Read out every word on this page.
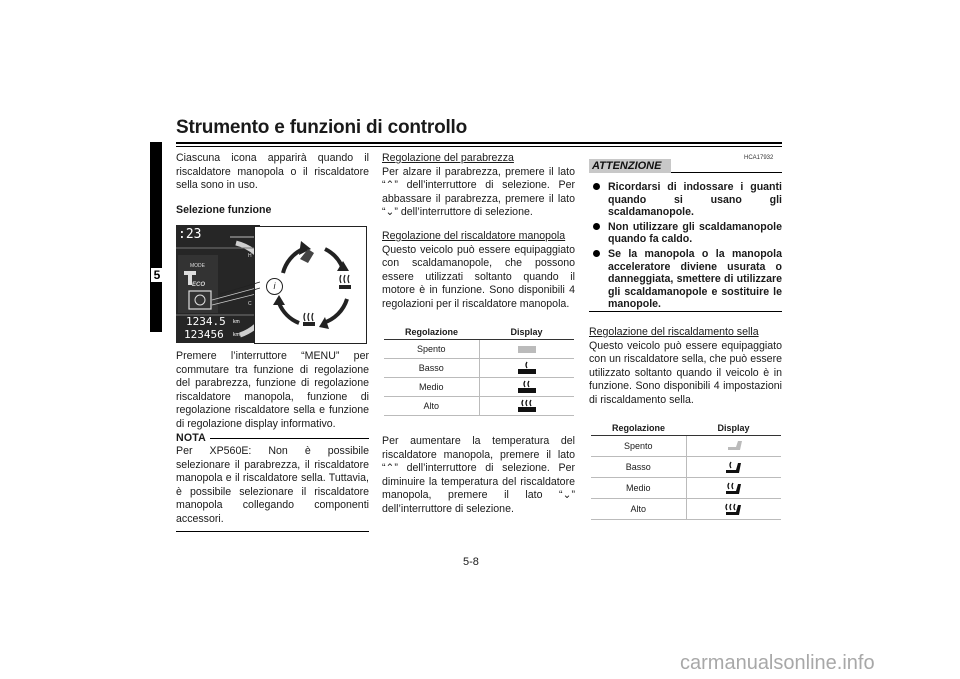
Strumento e funzioni di controllo
5

Ciascuna icona apparirà quando il riscaldatore manopola o il riscaldatore sella sono in uso.

Selezione funzione

:23
MODE
ECO
H
C
1234.5 km
123456 km
i

Premere l’interruttore “MENU” per commutare tra funzione di regolazione del parabrezza, funzione di regolazione riscaldatore manopola, funzione di regolazione riscaldatore sella e funzione di regolazione display informativo.

NOTA

Per XP560E: Non è possibile selezionare il parabrezza, il riscaldatore manopola e il riscaldatore sella. Tuttavia, è possibile selezionare il riscaldatore manopola collegando componenti accessori.

Regolazione del parabrezza

Per alzare il parabrezza, premere il lato “⌃” dell’interruttore di selezione. Per abbassare il parabrezza, premere il lato “⌄” dell’interruttore di selezione.

Regolazione del riscaldatore manopola

Questo veicolo può essere equipaggiato con scaldamanopole, che possono essere utilizzati soltanto quando il motore è in funzione. Sono disponibili 4 regolazioni per il riscaldatore manopola.

Regolazione	Display
Spento	
Basso	
Medio	
Alto	

Per aumentare la temperatura del riscaldatore manopola, premere il lato “⌃” dell’interruttore di selezione. Per diminuire la temperatura del riscaldatore manopola, premere il lato “⌄” dell’interruttore di selezione.

ATTENZIONE
HCA17932
Ricordarsi di indossare i guanti quando si usano gli scaldamanopole.
Non utilizzare gli scaldamanopole quando fa caldo.
Se la manopola o la manopola acceleratore diviene usurata o danneggiata, smettere di utilizzare gli scaldamanopole e sostituire le manopole.

Regolazione del riscaldamento sella

Questo veicolo può essere equipaggiato con un riscaldatore sella, che può essere utilizzato soltanto quando il veicolo è in funzione. Sono disponibili 4 impostazioni di riscaldamento sella.

Regolazione	Display
Spento	
Basso	
Medio	
Alto	
5-8
carmanualsonline.info
